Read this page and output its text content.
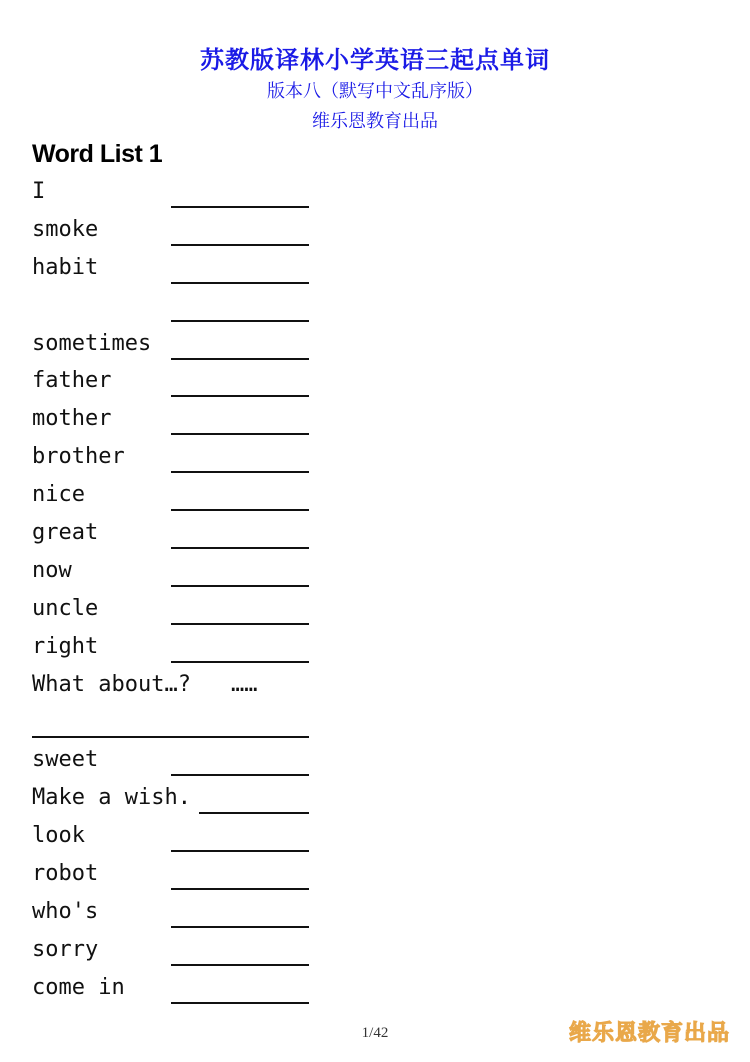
苏教版译林小学英语三起点单词
版本八（默写中文乱序版）
维乐恩教育出品
Word List 1
I
smoke
habit
sometimes
father
mother
brother
nice
great
now
uncle
right
What about…? ……
sweet
Make a wish.
look
robot
who's
sorry
come in
1/42	维乐恩教育出品
